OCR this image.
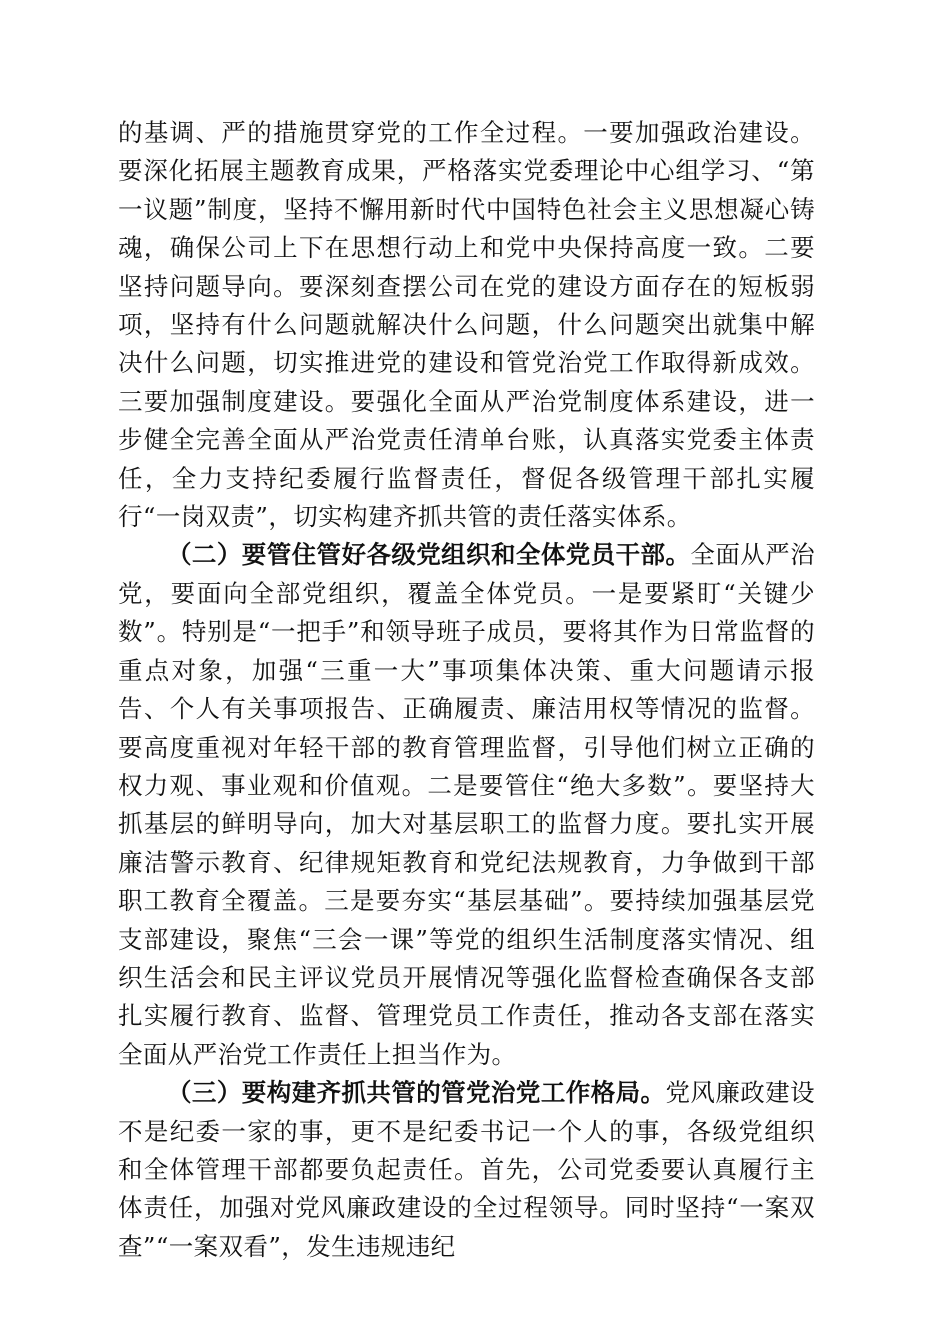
的基调、严的措施贯穿党的工作全过程。一要加强政治建设。要深化拓展主题教育成果，严格落实党委理论中心组学习、“第一议题”制度，坚持不懈用新时代中国特色社会主义思想凝心铸魂，确保公司上下在思想行动上和党中央保持高度一致。二要坚持问题导向。要深刻查摆公司在党的建设方面存在的短板弱项，坚持有什么问题就解决什么问题，什么问题突出就集中解决什么问题，切实推进党的建设和管党治党工作取得新成效。三要加强制度建设。要强化全面从严治党制度体系建设，进一步健全完善全面从严治党责任清单台账，认真落实党委主体责任，全力支持纪委履行监督责任，督促各级管理干部扎实履行“一岗双责”，切实构建齐抓共管的责任落实体系。

（二）要管住管好各级党组织和全体党员干部。全面从严治党，要面向全部党组织，覆盖全体党员。一是要紧盯“关键少数”。特别是“一把手”和领导班子成员，要将其作为日常监督的重点对象，加强“三重一大”事项集体决策、重大问题请示报告、个人有关事项报告、正确履责、廉洁用权等情况的监督。要高度重视对年轻干部的教育管理监督，引导他们树立正确的权力观、事业观和价值观。二是要管住“绝大多数”。要坚持大抓基层的鲜明导向，加大对基层职工的监督力度。要扎实开展廉洁警示教育、纪律规矩教育和党纪法规教育，力争做到干部职工教育全覆盖。三是要夯实“基层基础”。要持续加强基层党支部建设，聚焦“三会一课”等党的组织生活制度落实情况、组织生活会和民主评议党员开展情况等强化监督检查确保各支部扎实履行教育、监督、管理党员工作责任，推动各支部在落实全面从严治党工作责任上担当作为。

（三）要构建齐抓共管的管党治党工作格局。党风廉政建设不是纪委一家的事，更不是纪委书记一个人的事，各级党组织和全体管理干部都要负起责任。首先，公司党委要认真履行主体责任，加强对党风廉政建设的全过程领导。同时坚持“一案双查”“一案双看”，发生违规违纪
